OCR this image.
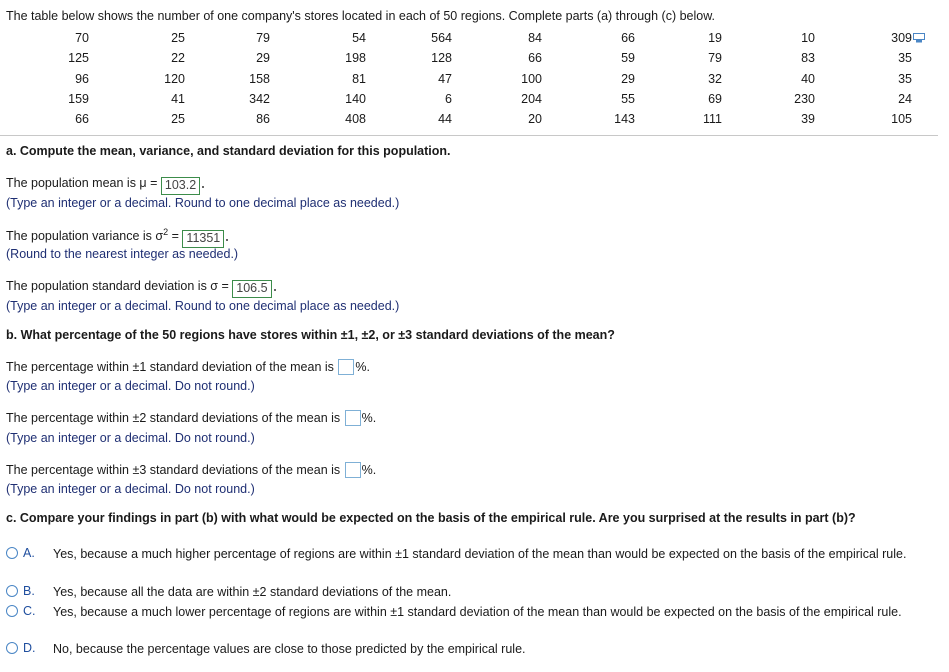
The table below shows the number of one company's stores located in each of 50 regions. Complete parts (a) through (c) below.
70	25	79	54	564	84	66	19	10	309
125	22	29	198	128	66	59	79	83	35
96	120	158	81	47	100	29	32	40	35
159	41	342	140	6	204	55	69	230	24
66	25	86	408	44	20	143	111	39	105
a. Compute the mean, variance, and standard deviation for this population.
The population mean is μ = 103.2
(Type an integer or a decimal. Round to one decimal place as needed.)
The population variance is $\sigma^2 = 11351$
(Round to the nearest integer as needed.)
The population standard deviation is σ = 106.5
(Type an integer or a decimal. Round to one decimal place as needed.)
b. What percentage of the 50 regions have stores within ±1, ±2, or ±3 standard deviations of the mean?
The percentage within ±1 standard deviation of the mean is %.
(Type an integer or a decimal. Do not round.)
The percentage within ±2 standard deviations of the mean is %.
(Type an integer or a decimal. Do not round.)
The percentage within ±3 standard deviations of the mean is %.
(Type an integer or a decimal. Do not round.)
c. Compare your findings in part (b) with what would be expected on the basis of the empirical rule. Are you surprised at the results in part (b)?
A.	Yes, because a much higher percentage of regions are within ±1 standard deviation of the mean than would be expected on the basis of the empirical rule.
B.	Yes, because all the data are within ±2 standard deviations of the mean.
C.	Yes, because a much lower percentage of regions are within ±1 standard deviation of the mean than would be expected on the basis of the empirical rule.
D.	No, because the percentage values are close to those predicted by the empirical rule.
